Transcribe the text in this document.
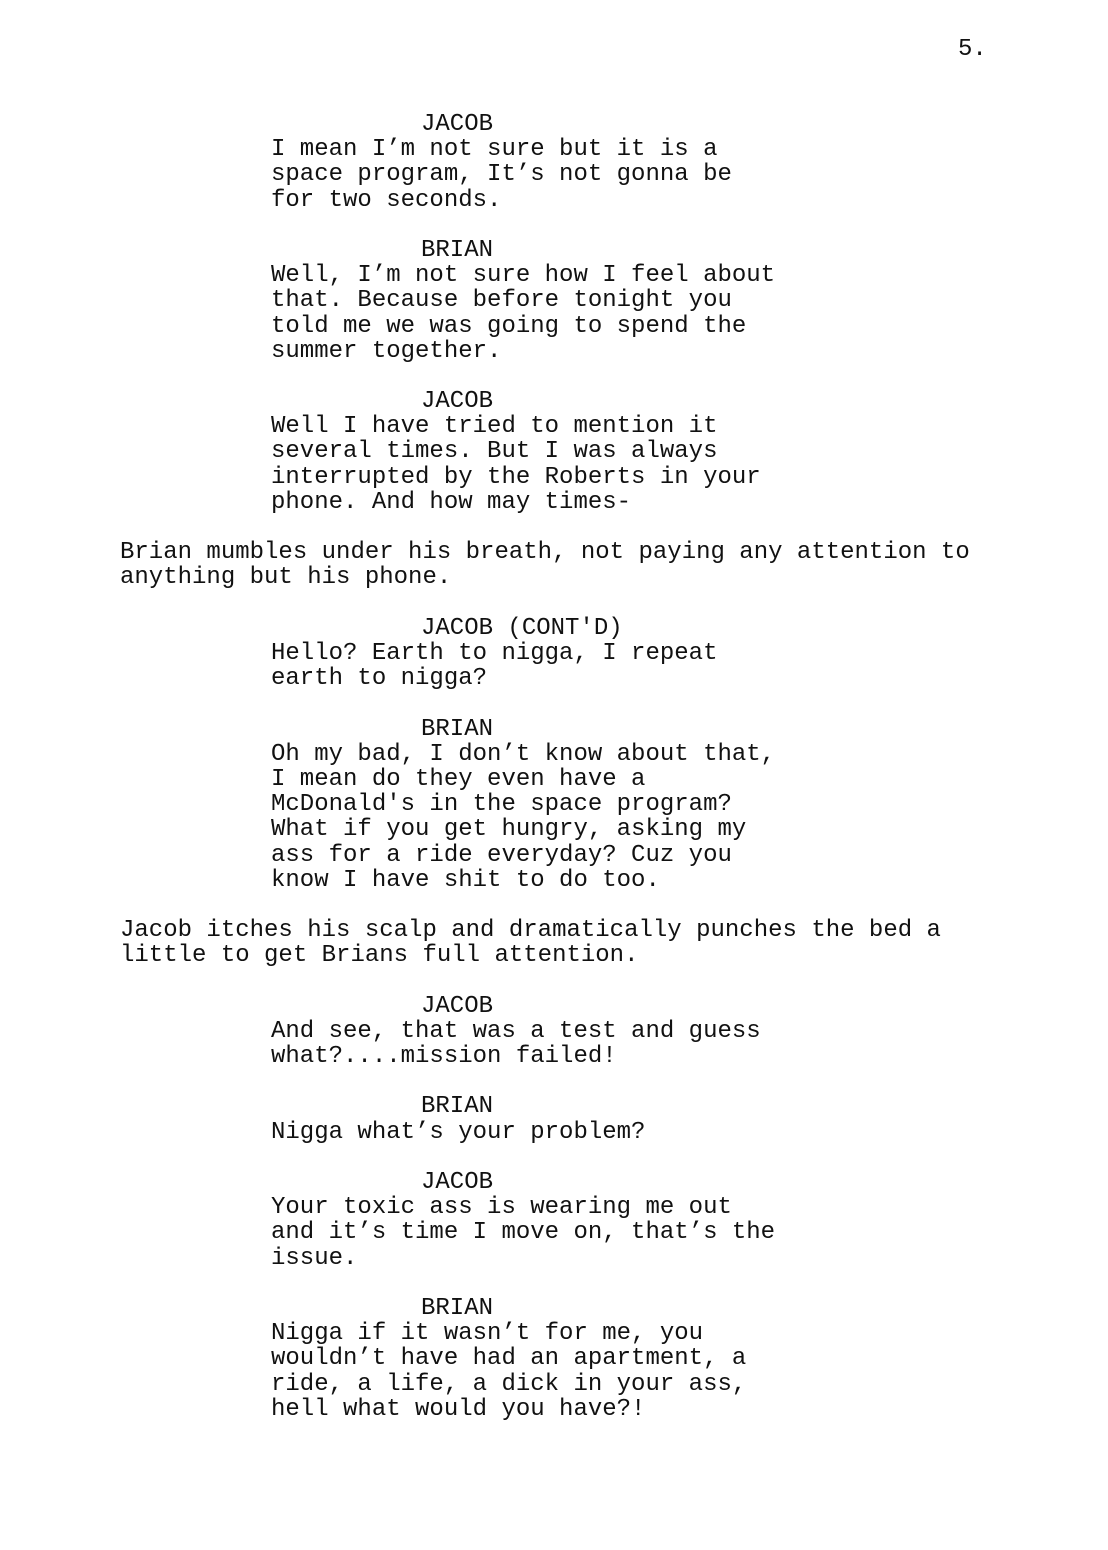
5.
JACOB
I mean I’m not sure but it is a
space program, It’s not gonna be
for two seconds.
BRIAN
Well, I’m not sure how I feel about
that. Because before tonight you
told me we was going to spend the
summer together.
JACOB
Well I have tried to mention it
several times. But I was always
interrupted by the Roberts in your
phone. And how may times-
Brian mumbles under his breath, not paying any attention to
anything but his phone.
JACOB (CONT'D)
Hello? Earth to nigga, I repeat
earth to nigga?
BRIAN
Oh my bad, I don’t know about that,
I mean do they even have a
McDonald's in the space program?
What if you get hungry, asking my
ass for a ride everyday? Cuz you
know I have shit to do too.
Jacob itches his scalp and dramatically punches the bed a
little to get Brians full attention.
JACOB
And see, that was a test and guess
what?....mission failed!
BRIAN
Nigga what’s your problem?
JACOB
Your toxic ass is wearing me out
and it’s time I move on, that’s the
issue.
BRIAN
Nigga if it wasn’t for me, you
wouldn’t have had an apartment, a
ride, a life, a dick in your ass,
hell what would you have?!
